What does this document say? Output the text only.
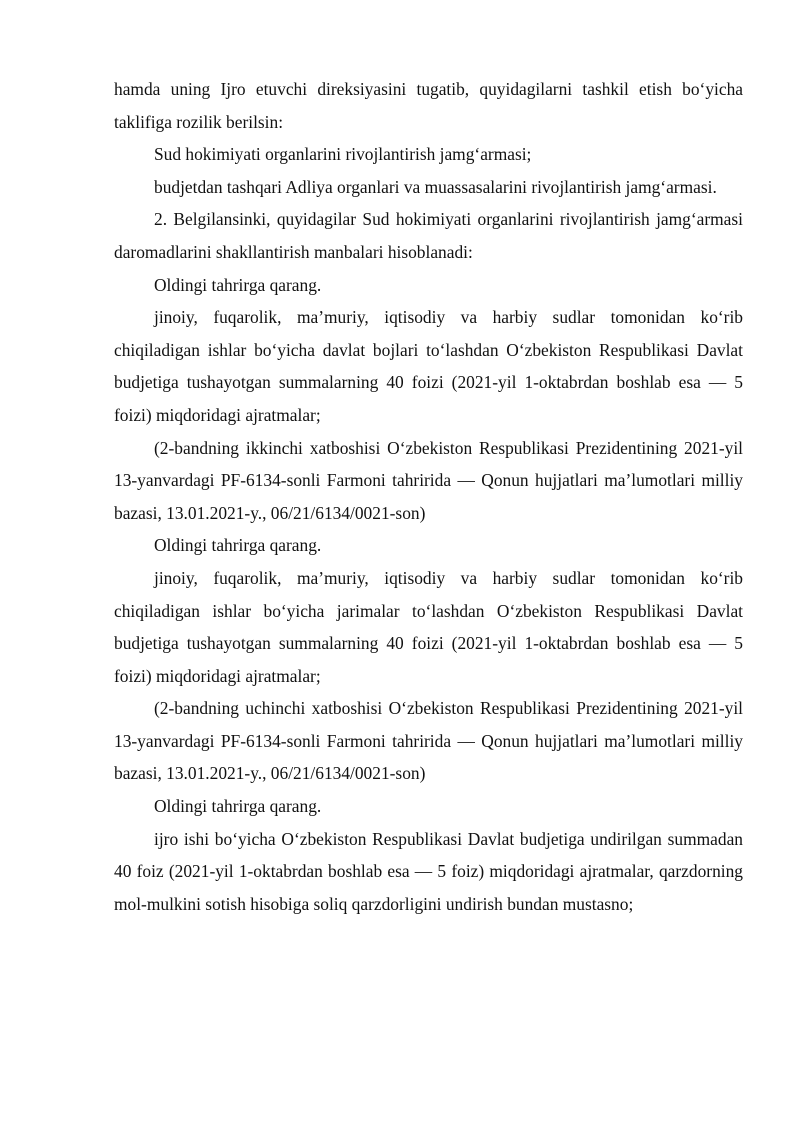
hamda uning Ijro etuvchi direksiyasini tugatib, quyidagilarni tashkil etish bo‘yicha taklifiga rozilik berilsin:

Sud hokimiyati organlarini rivojlantirish jamg‘armasi;

budjetdan tashqari Adliya organlari va muassasalarini rivojlantirish jamg‘armasi.

2. Belgilansinki, quyidagilar Sud hokimiyati organlarini rivojlantirish jamg‘armasi daromadlarini shakllantirish manbalari hisoblanadi:

Oldingi tahrirga qarang.

jinoiy, fuqarolik, ma’muriy, iqtisodiy va harbiy sudlar tomonidan ko‘rib chiqiladigan ishlar bo‘yicha davlat bojlari to‘lashdan O‘zbekiston Respublikasi Davlat budjetiga tushayotgan summalarning 40 foizi (2021-yil 1-oktabrdan boshlab esa — 5 foizi) miqdoridagi ajratmalar;

(2-bandning ikkinchi xatboshisi O‘zbekiston Respublikasi Prezidentining 2021-yil 13-yanvardagi PF-6134-sonli Farmoni tahririda — Qonun hujjatlari ma’lumotlari milliy bazasi, 13.01.2021-y., 06/21/6134/0021-son)

Oldingi tahrirga qarang.

jinoiy, fuqarolik, ma’muriy, iqtisodiy va harbiy sudlar tomonidan ko‘rib chiqiladigan ishlar bo‘yicha jarimalar to‘lashdan O‘zbekiston Respublikasi Davlat budjetiga tushayotgan summalarning 40 foizi (2021-yil 1-oktabrdan boshlab esa — 5 foizi) miqdoridagi ajratmalar;

(2-bandning uchinchi xatboshisi O‘zbekiston Respublikasi Prezidentining 2021-yil 13-yanvardagi PF-6134-sonli Farmoni tahririda — Qonun hujjatlari ma’lumotlari milliy bazasi, 13.01.2021-y., 06/21/6134/0021-son)

Oldingi tahrirga qarang.

ijro ishi bo‘yicha O‘zbekiston Respublikasi Davlat budjetiga undirilgan summadan 40 foiz (2021-yil 1-oktabrdan boshlab esa — 5 foiz) miqdoridagi ajratmalar, qarzdorning mol-mulkini sotish hisobiga soliq qarzdorligini undirish bundan mustasno;
